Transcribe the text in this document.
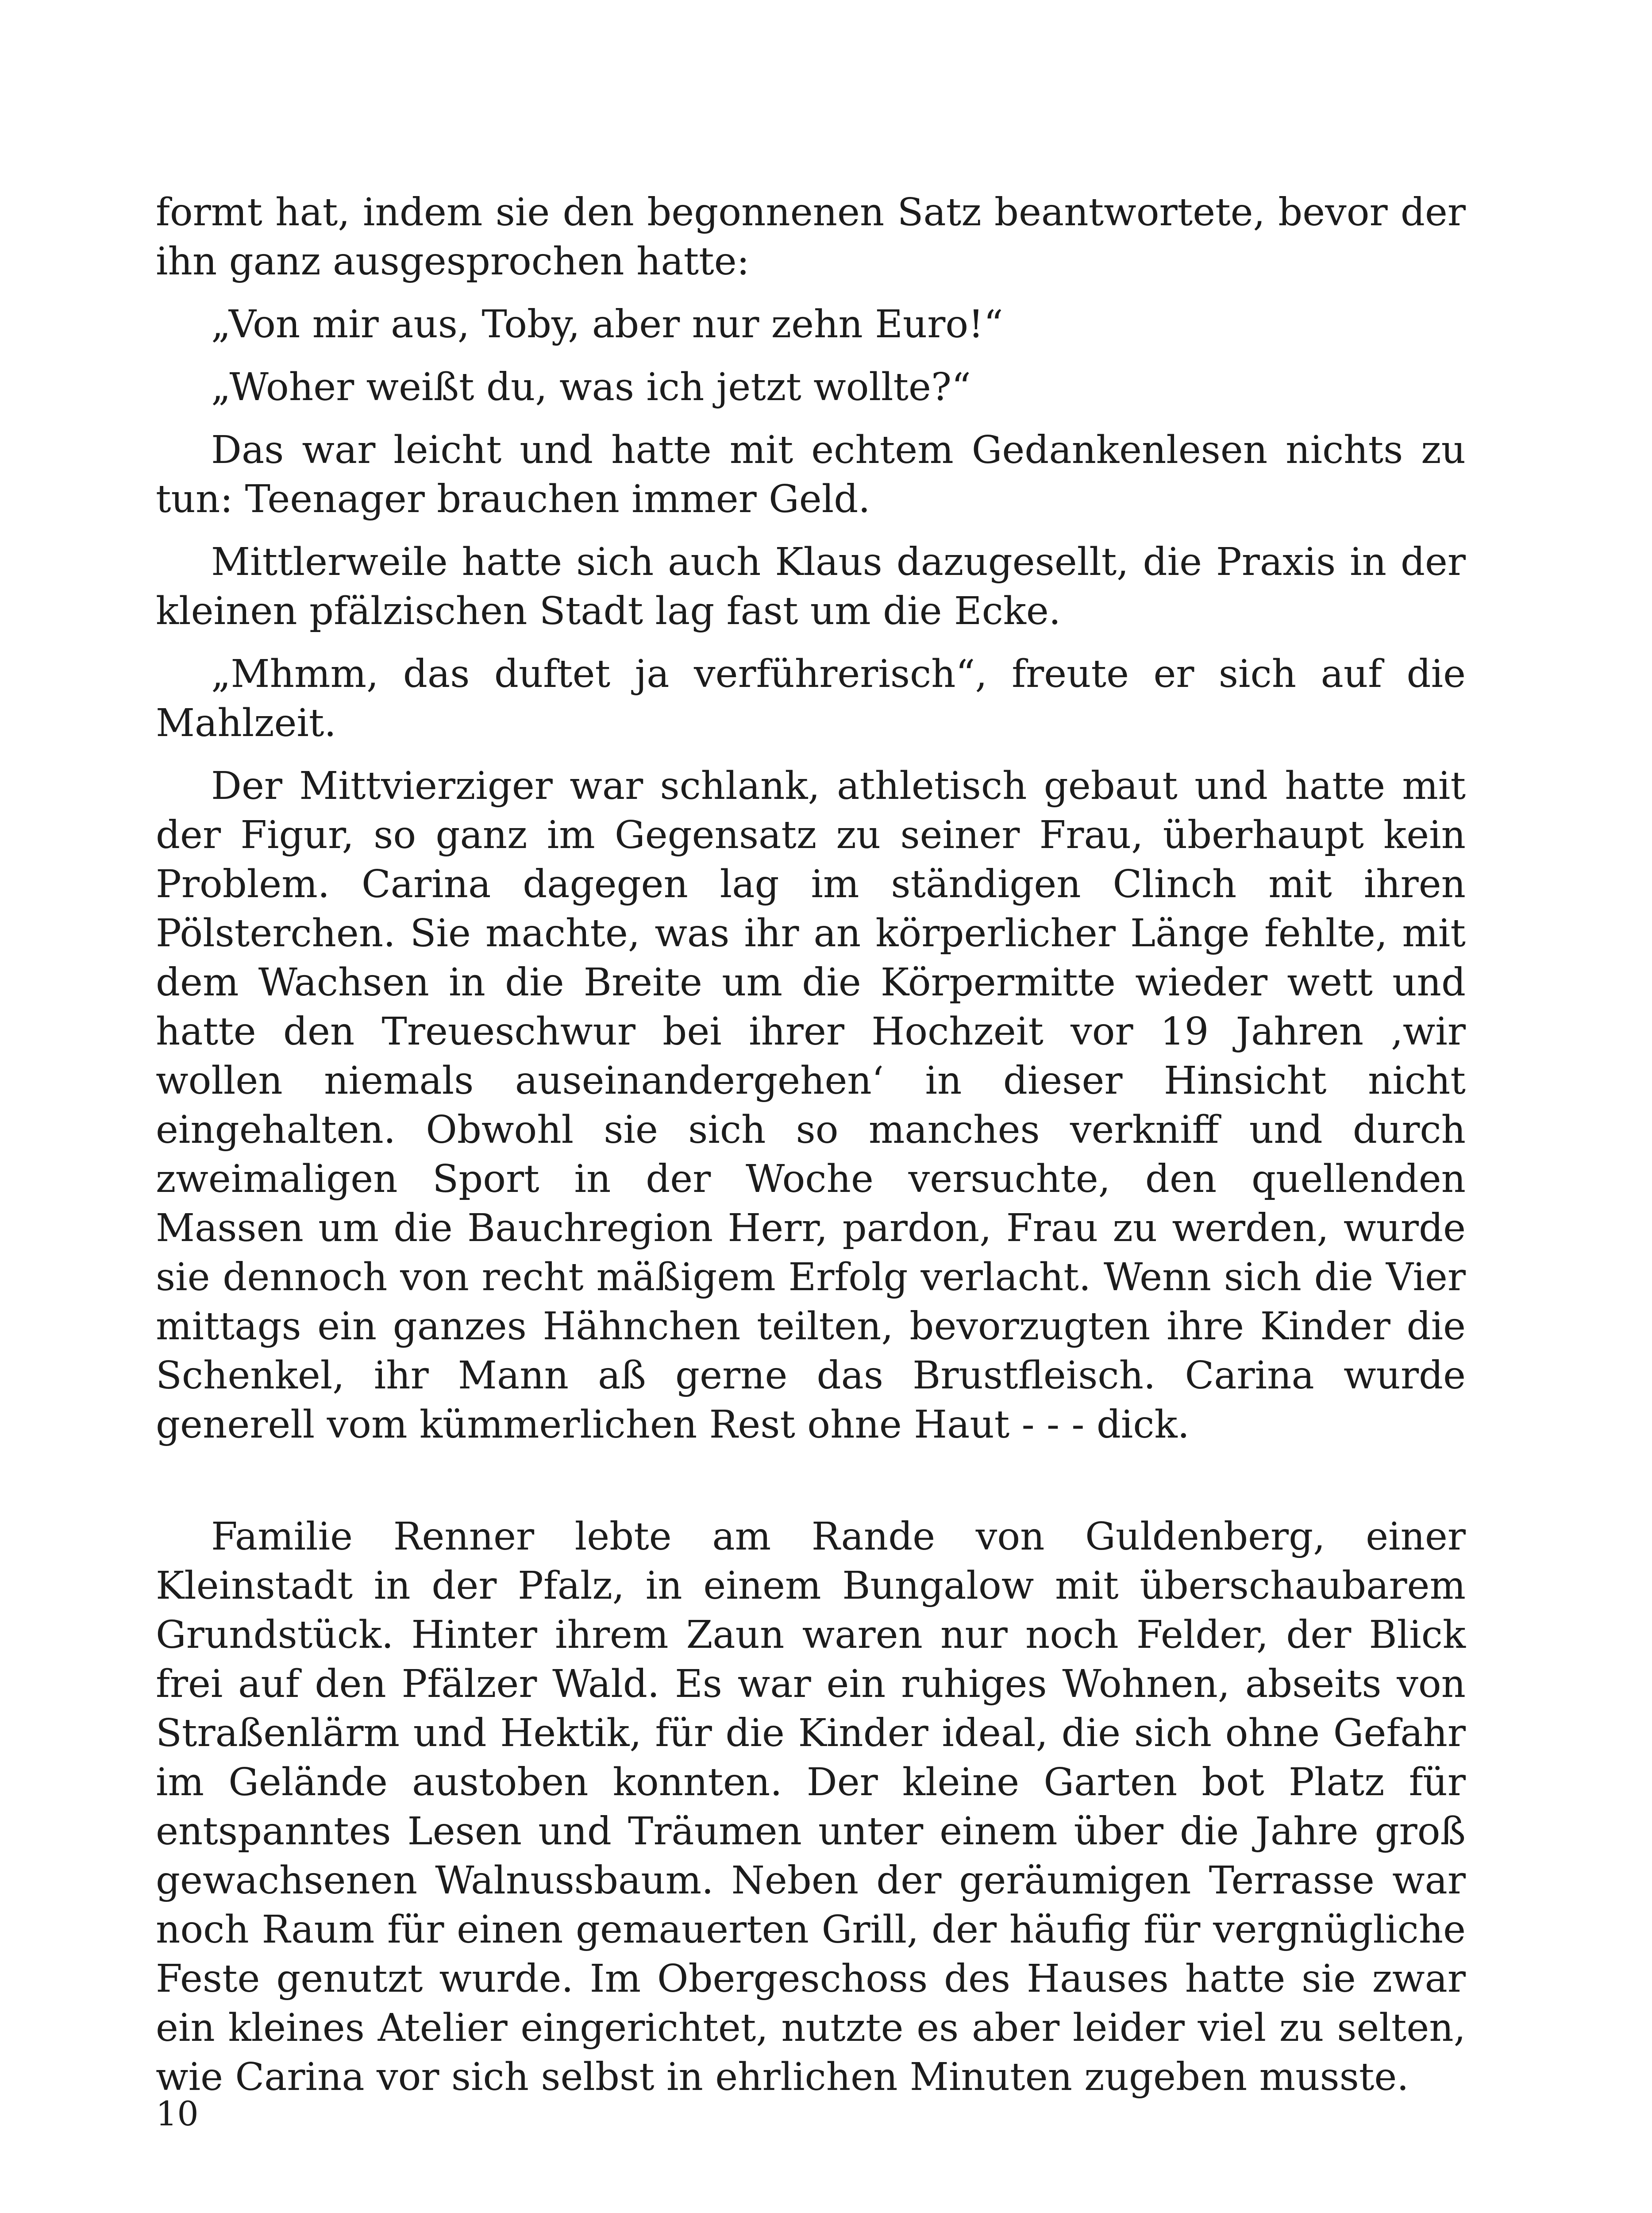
formt hat, indem sie den begonnenen Satz beantwortete, bevor der ihn ganz ausgesprochen hatte:

„Von mir aus, Toby, aber nur zehn Euro!“

„Woher weißt du, was ich jetzt wollte?“

Das war leicht und hatte mit echtem Gedankenlesen nichts zu tun: Teenager brauchen immer Geld.

Mittlerweile hatte sich auch Klaus dazugesellt, die Praxis in der kleinen pfälzischen Stadt lag fast um die Ecke.

„Mhmm, das duftet ja verführerisch“, freute er sich auf die Mahlzeit.

Der Mittvierziger war schlank, athletisch gebaut und hatte mit der Figur, so ganz im Gegensatz zu seiner Frau, überhaupt kein Problem. Carina dagegen lag im ständigen Clinch mit ihren Pölsterchen. Sie machte, was ihr an körperlicher Länge fehlte, mit dem Wachsen in die Breite um die Körpermitte wieder wett und hatte den Treueschwur bei ihrer Hochzeit vor 19 Jahren ‚wir wollen niemals auseinandergehen‘ in dieser Hinsicht nicht eingehalten. Obwohl sie sich so manches verkniff und durch zweimaligen Sport in der Woche versuchte, den quellenden Massen um die Bauchregion Herr, pardon, Frau zu werden, wurde sie dennoch von recht mäßigem Erfolg verlacht. Wenn sich die Vier mittags ein ganzes Hähnchen teilten, bevorzugten ihre Kinder die Schenkel, ihr Mann aß gerne das Brustfleisch. Carina wurde generell vom kümmerlichen Rest ohne Haut - - - dick.

Familie Renner lebte am Rande von Guldenberg, einer Kleinstadt in der Pfalz, in einem Bungalow mit überschaubarem Grundstück. Hinter ihrem Zaun waren nur noch Felder, der Blick frei auf den Pfälzer Wald. Es war ein ruhiges Wohnen, abseits von Straßenlärm und Hektik, für die Kinder ideal, die sich ohne Gefahr im Gelände austoben konnten. Der kleine Garten bot Platz für entspanntes Lesen und Träumen unter einem über die Jahre groß gewachsenen Walnussbaum. Neben der geräumigen Terrasse war noch Raum für einen gemauerten Grill, der häufig für vergnügliche Feste genutzt wurde. Im Obergeschoss des Hauses hatte sie zwar ein kleines Atelier eingerichtet, nutzte es aber leider viel zu selten, wie Carina vor sich selbst in ehrlichen Minuten zugeben musste.

10
